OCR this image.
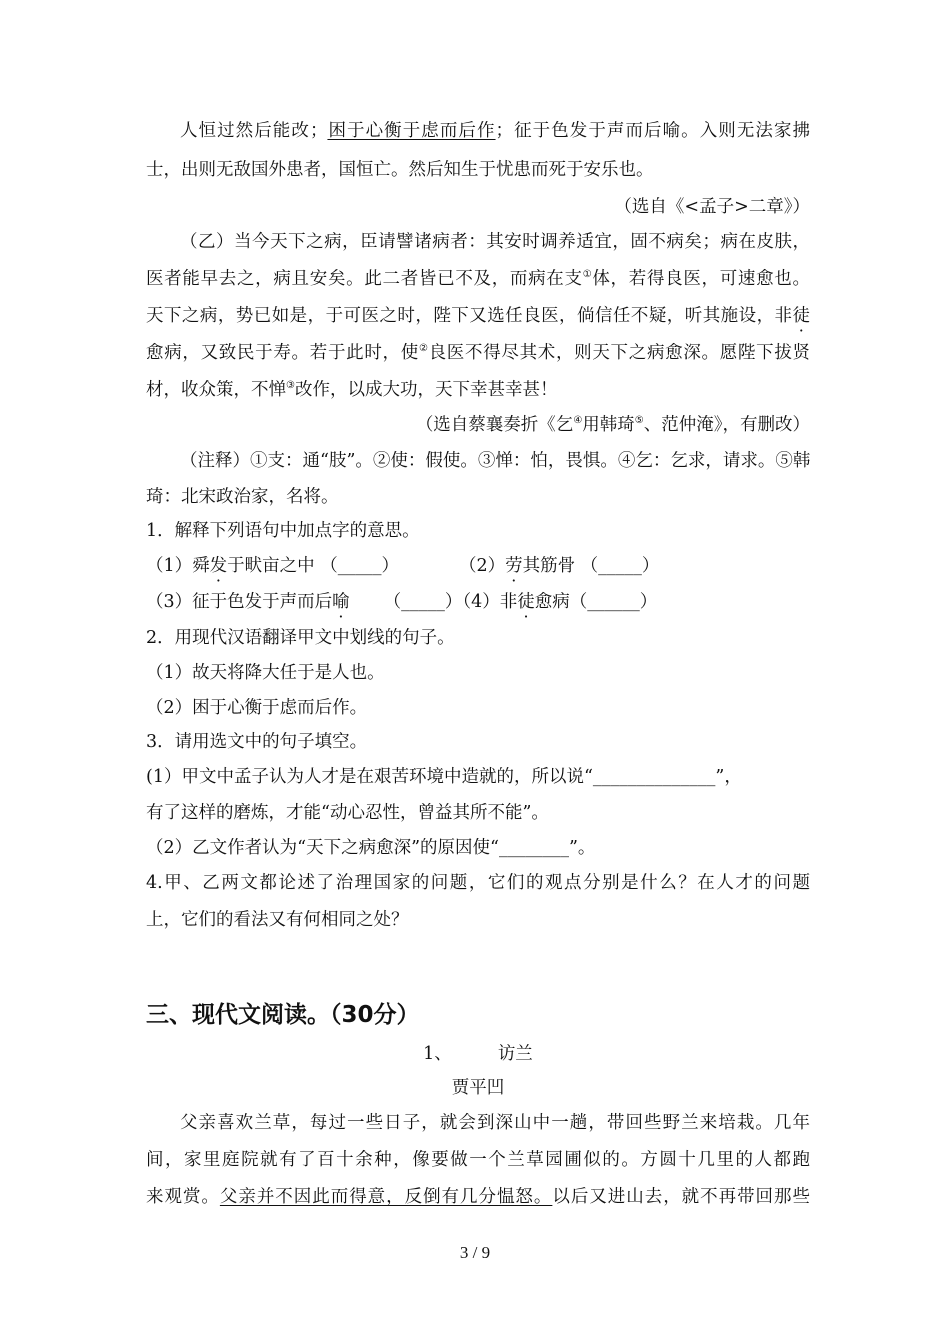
人恒过然后能改；困于心衡于虑而后作；征于色发于声而后喻。入则无法家拂
士，出则无敌国外患者，国恒亡。然后知生于忧患而死于安乐也。
（选自《<孟子>二章》）
（乙）当今天下之病，臣请譬诸病者：其安时调养适宜，固不病矣；病在皮肤，
医者能早去之，病且安矣。此二者皆已不及，而病在支①体，若得良医，可速愈也。
天下之病，势已如是，于可医之时，陛下又选任良医，倘信任不疑，听其施设，非徒
愈病，又致民于寿。若于此时，使②良医不得尽其术，则天下之病愈深。愿陛下拔贤
材，收众策，不惮③改作，以成大功，天下幸甚幸甚！
（选自蔡襄奏折《乞④用韩琦⑤、范仲淹》，有删改）
（注释）①支：通“肢”。②使：假使。③惮：怕，畏惧。④乞：乞求，请求。⑤韩
琦：北宋政治家，名将。
1．解释下列语句中加点字的意思。
（1）舜发于畎亩之中 （_____）	（2）劳其筋骨 （_____）
（3）征于色发于声而后喻 （_____）（4）非徒愈病（______）
2．用现代汉语翻译甲文中划线的句子。
（1）故天将降大任于是人也。
（2）困于心衡于虑而后作。
3．请用选文中的句子填空。
(1）甲文中孟子认为人才是在艰苦环境中造就的，所以说“______________”，
有了这样的磨炼，才能“动心忍性，曾益其所不能”。
（2）乙文作者认为“天下之病愈深”的原因使“________”。
4.甲、乙两文都论述了治理国家的问题，它们的观点分别是什么？在人才的问题
上，它们的看法又有何相同之处？
三、现代文阅读。（30分）
1、	访兰
贾平凹
父亲喜欢兰草，每过一些日子，就会到深山中一趟，带回些野兰来培栽。几年
间，家里庭院就有了百十余种，像要做一个兰草园圃似的。方圆十几里的人都跑
来观赏。父亲并不因此而得意，反倒有几分愠怒。以后又进山去，就不再带回那些
3 / 9
